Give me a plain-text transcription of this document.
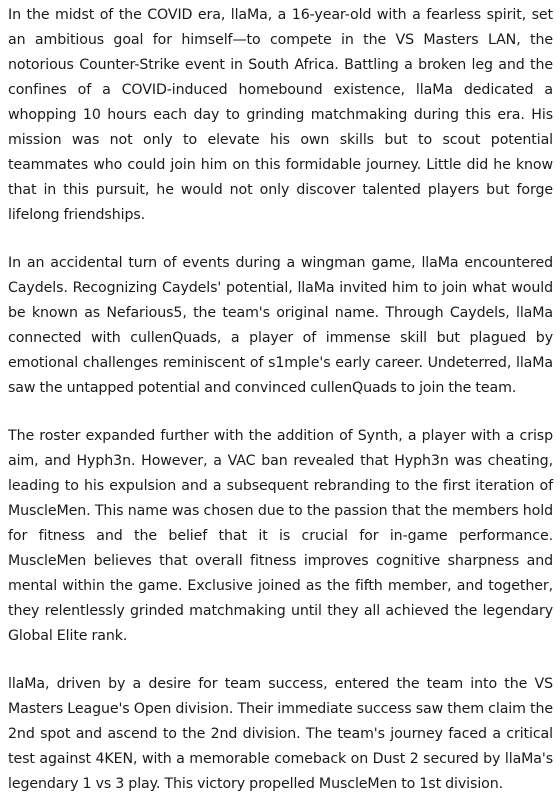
In the midst of the COVID era, llaMa, a 16-year-old with a fearless spirit, set an ambitious goal for himself—to compete in the VS Masters LAN, the notorious Counter-Strike event in South Africa. Battling a broken leg and the confines of a COVID-induced homebound existence, llaMa dedicated a whopping 10 hours each day to grinding matchmaking during this era. His mission was not only to elevate his own skills but to scout potential teammates who could join him on this formidable journey. Little did he know that in this pursuit, he would not only discover talented players but forge lifelong friendships.

In an accidental turn of events during a wingman game, llaMa encountered Caydels. Recognizing Caydels' potential, llaMa invited him to join what would be known as Nefarious5, the team's original name. Through Caydels, llaMa connected with cullenQuads, a player of immense skill but plagued by emotional challenges reminiscent of s1mple's early career. Undeterred, llaMa saw the untapped potential and convinced cullenQuads to join the team.

The roster expanded further with the addition of Synth, a player with a crisp aim, and Hyph3n. However, a VAC ban revealed that Hyph3n was cheating, leading to his expulsion and a subsequent rebranding to the first iteration of MuscleMen. This name was chosen due to the passion that the members hold for fitness and the belief that it is crucial for in-game performance. MuscleMen believes that overall fitness improves cognitive sharpness and mental within the game. Exclusive joined as the fifth member, and together, they relentlessly grinded matchmaking until they all achieved the legendary Global Elite rank.

llaMa, driven by a desire for team success, entered the team into the VS Masters League's Open division. Their immediate success saw them claim the 2nd spot and ascend to the 2nd division. The team's journey faced a critical test against 4KEN, with a memorable comeback on Dust 2 secured by llaMa's legendary 1 vs 3 play. This victory propelled MuscleMen to 1st division.
